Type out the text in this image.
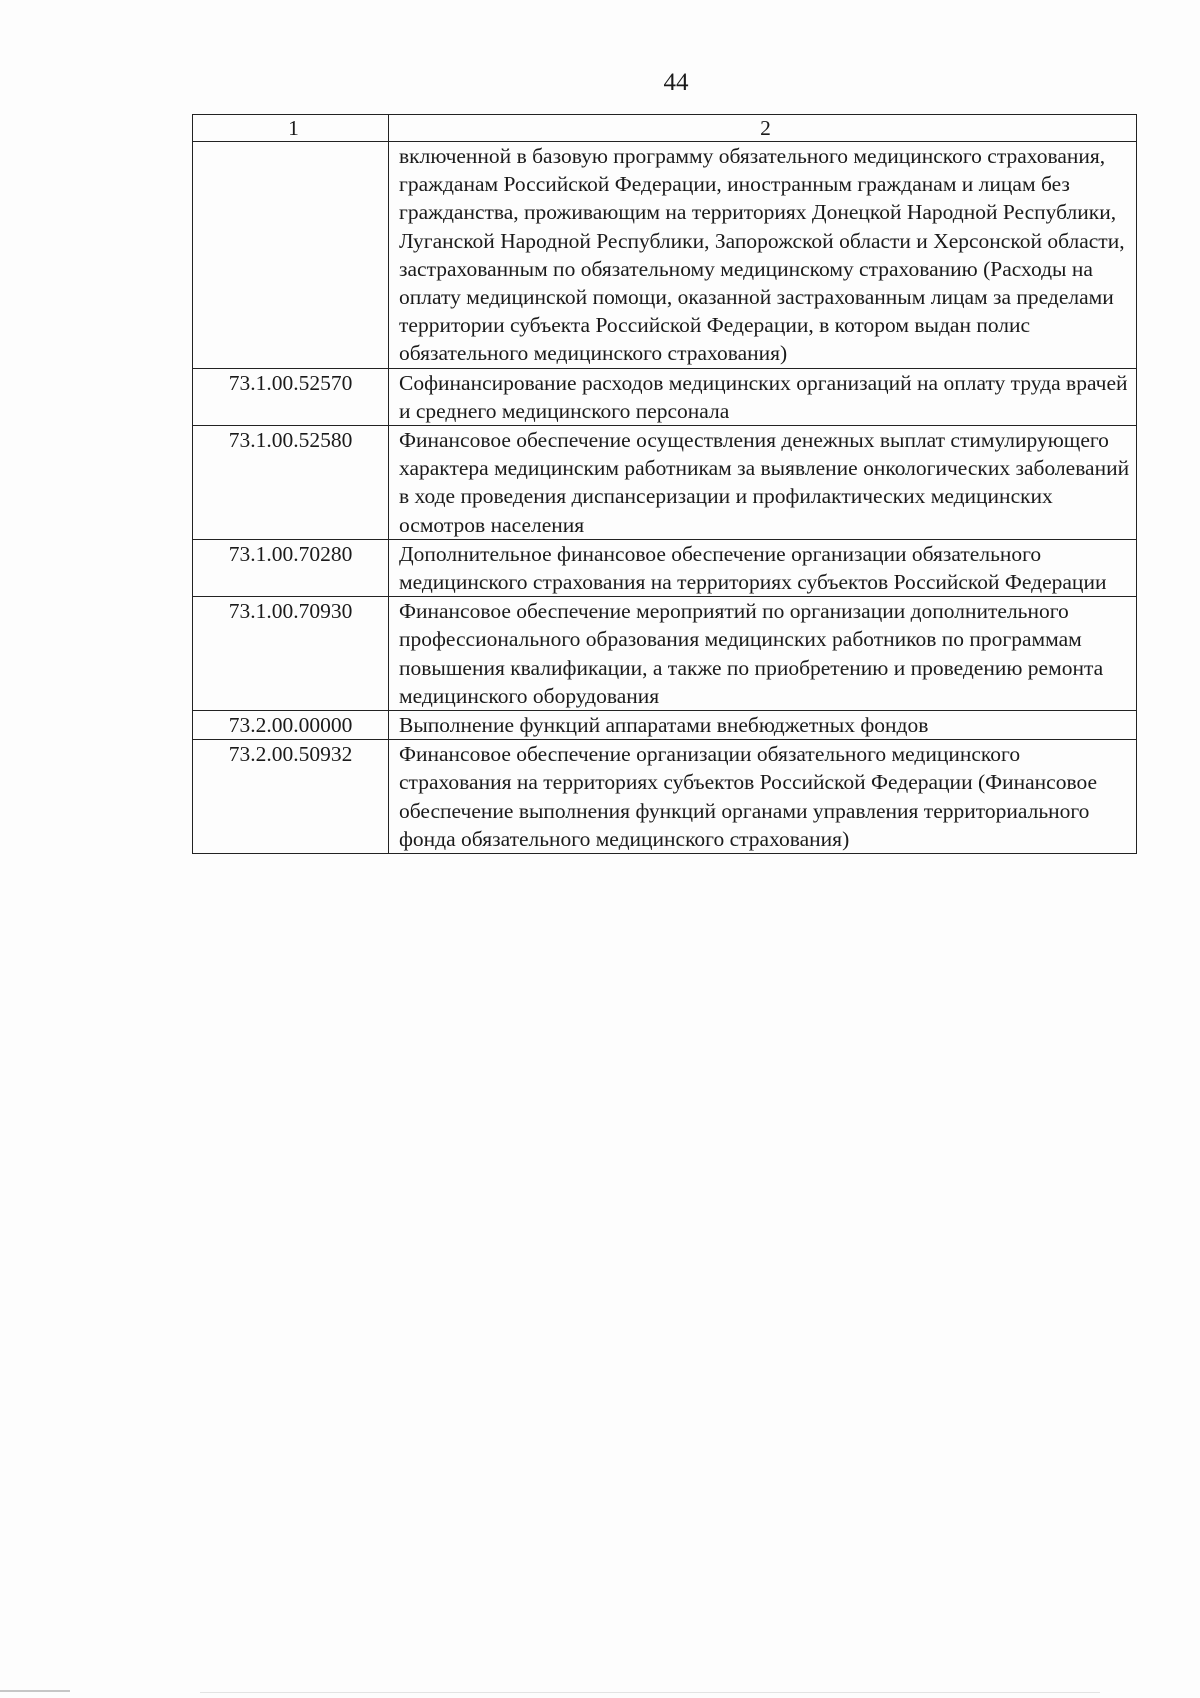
44
1	2
	включенной в базовую программу обязательного медицинского страхования, гражданам Российской Федерации, иностранным гражданам и лицам без гражданства, проживающим на территориях Донецкой Народной Республики, Луганской Народной Республики, Запорожской области и Херсонской области, застрахованным по обязательному медицинскому страхованию (Расходы на оплату медицинской помощи, оказанной застрахованным лицам за пределами территории субъекта Российской Федерации, в котором выдан полис обязательного медицинского страхования)
73.1.00.52570	Софинансирование расходов медицинских организаций на оплату труда врачей и среднего медицинского персонала
73.1.00.52580	Финансовое обеспечение осуществления денежных выплат стимулирующего характера медицинским работникам за выявление онкологических заболеваний в ходе проведения диспансеризации и профилактических медицинских осмотров населения
73.1.00.70280	Дополнительное финансовое обеспечение организации обязательного медицинского страхования на территориях субъектов Российской Федерации
73.1.00.70930	Финансовое обеспечение мероприятий по организации дополнительного профессионального образования медицинских работников по программам повышения квалификации, а также по приобретению и проведению ремонта медицинского оборудования
73.2.00.00000	Выполнение функций аппаратами внебюджетных фондов
73.2.00.50932	Финансовое обеспечение организации обязательного медицинского страхования на территориях субъектов Российской Федерации (Финансовое обеспечение выполнения функций органами управления территориального фонда обязательного медицинского страхования)
